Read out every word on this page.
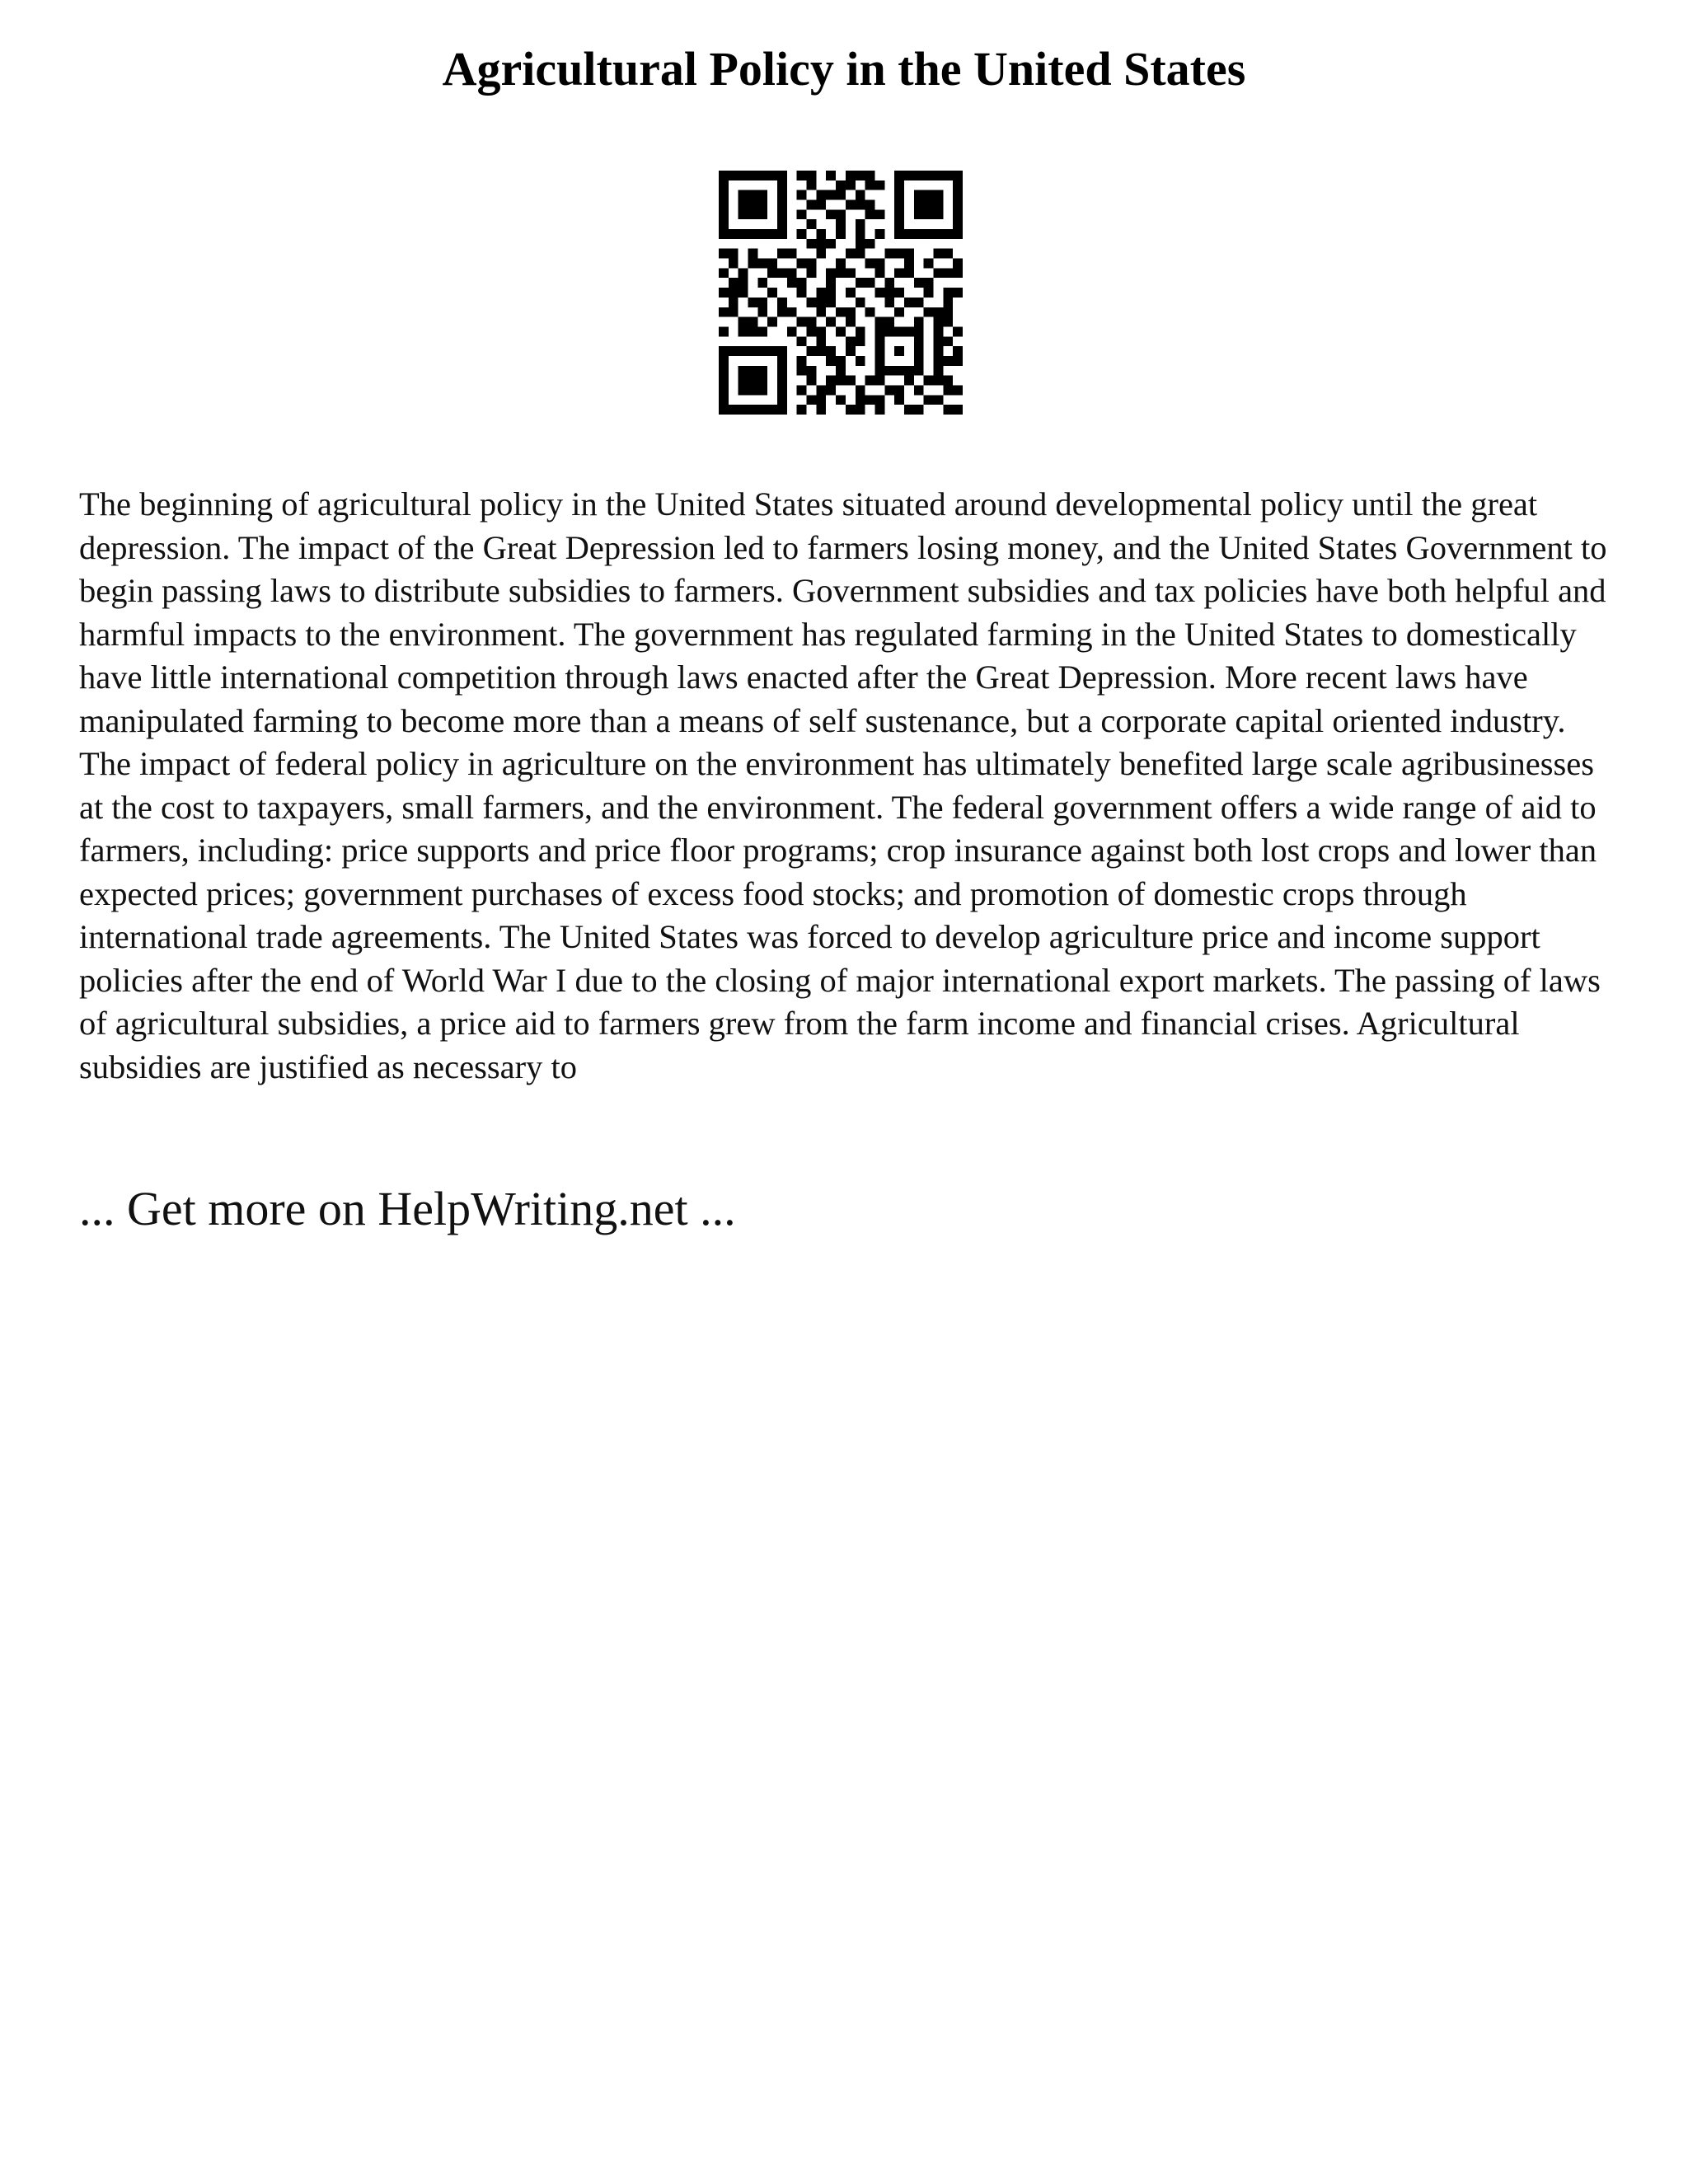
Agricultural Policy in the United States

The beginning of agricultural policy in the United States situated around developmental policy until the great depression. The impact of the Great Depression led to farmers losing money, and the United States Government to begin passing laws to distribute subsidies to farmers. Government subsidies and tax policies have both helpful and harmful impacts to the environment. The government has regulated farming in the United States to domestically have little international competition through laws enacted after the Great Depression. More recent laws have manipulated farming to become more than a means of self sustenance, but a corporate capital oriented industry. The impact of federal policy in agriculture on the environment has ultimately benefited large scale agribusinesses at the cost to taxpayers, small farmers, and the environment. The federal government offers a wide range of aid to farmers, including: price supports and price floor programs; crop insurance against both lost crops and lower than expected prices; government purchases of excess food stocks; and promotion of domestic crops through international trade agreements. The United States was forced to develop agriculture price and income support policies after the end of World War I due to the closing of major international export markets. The passing of laws of agricultural subsidies, a price aid to farmers grew from the farm income and financial crises. Agricultural subsidies are justified as necessary to

... Get more on HelpWriting.net ...
